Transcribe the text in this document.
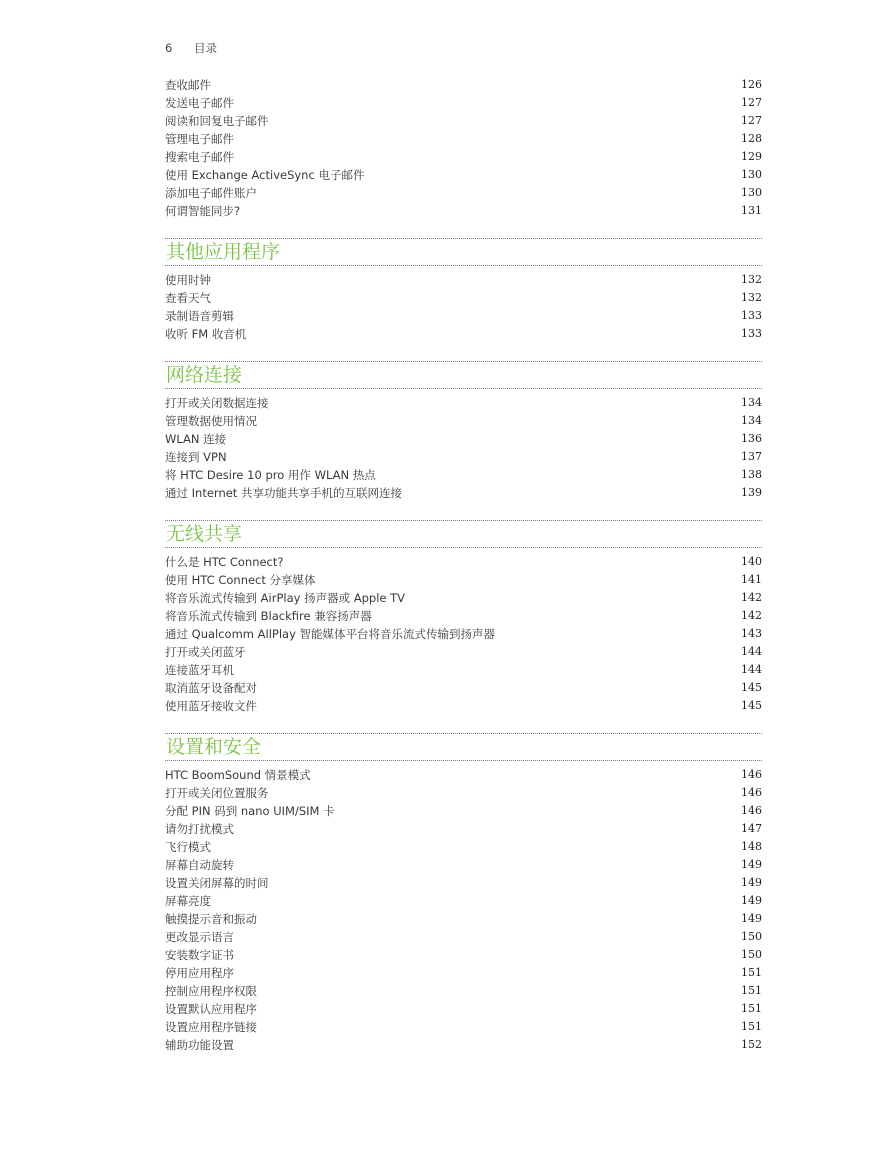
6 目录
查收邮件	126
发送电子邮件	127
阅读和回复电子邮件	127
管理电子邮件	128
搜索电子邮件	129
使用 Exchange ActiveSync 电子邮件	130
添加电子邮件账户	130
何谓智能同步?	131
其他应用程序
使用时钟	132
查看天气	132
录制语音剪辑	133
收听 FM 收音机	133
网络连接
打开或关闭数据连接	134
管理数据使用情况	134
WLAN 连接	136
连接到 VPN	137
将 HTC Desire 10 pro 用作 WLAN 热点	138
通过 Internet 共享功能共享手机的互联网连接	139
无线共享
什么是 HTC Connect?	140
使用 HTC Connect 分享媒体	141
将音乐流式传输到 AirPlay 扬声器或 Apple TV	142
将音乐流式传输到 Blackfire 兼容扬声器	142
通过 Qualcomm AllPlay 智能媒体平台将音乐流式传输到扬声器	143
打开或关闭蓝牙	144
连接蓝牙耳机	144
取消蓝牙设备配对	145
使用蓝牙接收文件	145
设置和安全
HTC BoomSound 情景模式	146
打开或关闭位置服务	146
分配 PIN 码到 nano UIM/SIM 卡	146
请勿打扰模式	147
飞行模式	148
屏幕自动旋转	149
设置关闭屏幕的时间	149
屏幕亮度	149
触摸提示音和振动	149
更改显示语言	150
安装数字证书	150
停用应用程序	151
控制应用程序权限	151
设置默认应用程序	151
设置应用程序链接	151
辅助功能设置	152
